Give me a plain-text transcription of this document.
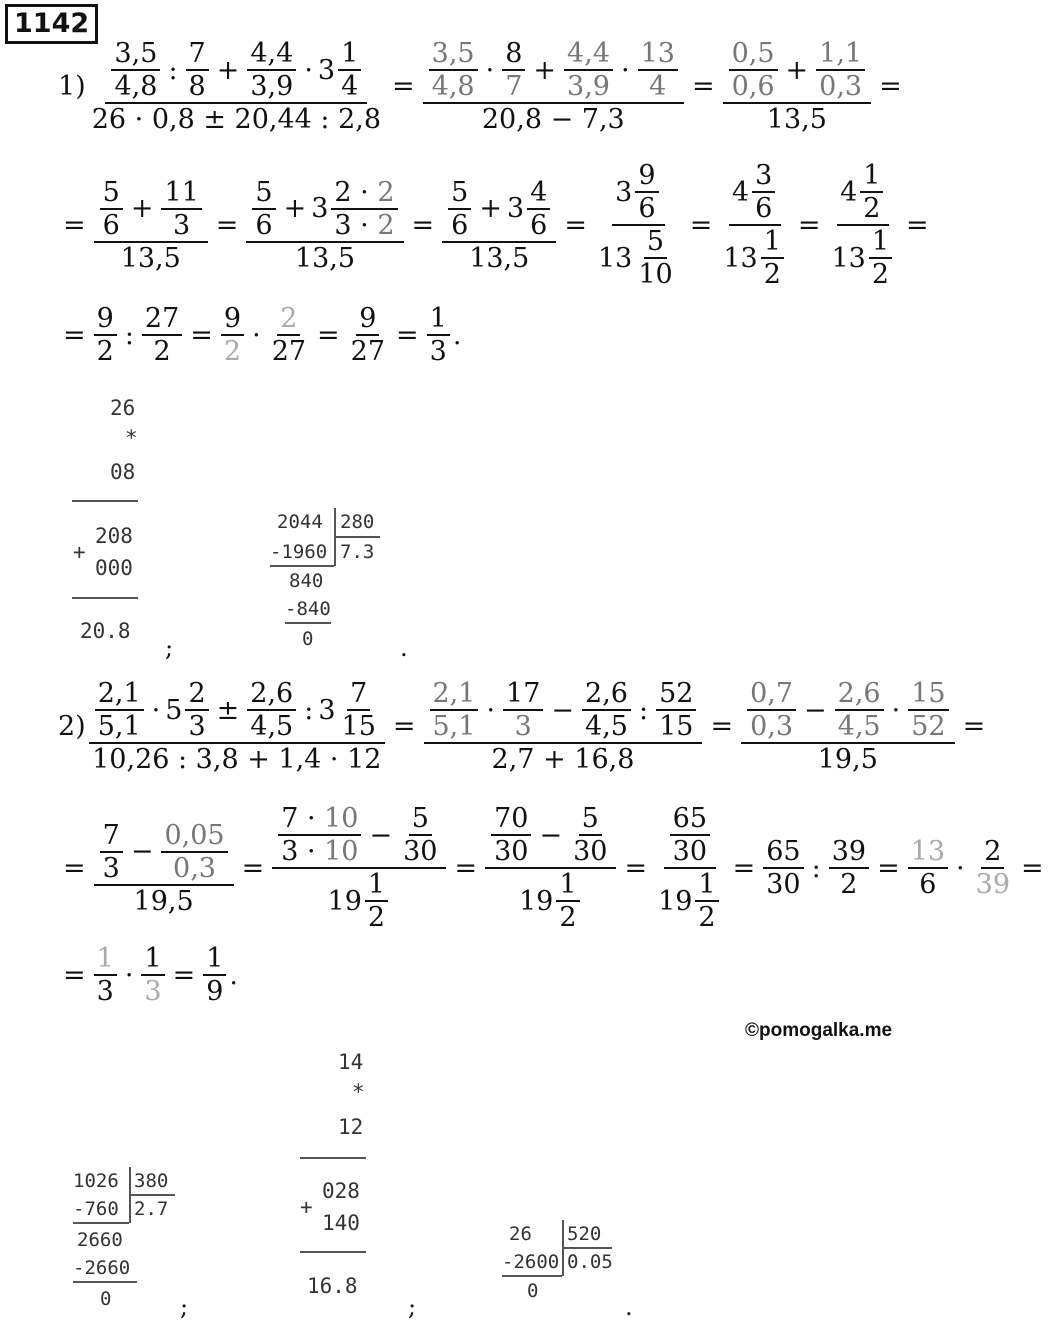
1142
$1) \frac{3,5}{4,8}$ : $\frac{7}{8} + \frac{4,4}{3,9} \cdot 3 \frac{1}{4}$
26 · 0,8 ± 20,44 : 2,8
= $\frac{3,5}{4,8} \cdot \frac{8}{7} + \frac{4,4}{3,9} \cdot \frac{13}{4}$
20,8 − 7,3
= $\frac{\frac{0,5}{0,6} + \frac{1,1}{0,3}}{13,5}$ =
= $\frac{\frac{5}{6} + \frac{11}{3}}{13,5} = \frac{\frac{5}{6} + 3 \frac{2 \cdot 2}{3 \cdot 2}}{13,5} = \frac{\frac{5}{6} + 3 \frac{4}{6}}{13,5} = \frac{3 \frac{9}{6}}{13 \frac{5}{10}} = \frac{4 \frac{3}{6}}{13 \frac{1}{2}} = \frac{4 \frac{1}{2}}{13 \frac{1}{2}}$ =
= $\frac{9}{2}$ : $\frac{27}{2} = \frac{9}{2} \cdot \frac{2}{27} = \frac{9}{27} = \frac{1}{3}$ .
26
*
08
208
+
000
20.8
;
2044 280
-1960 7.3
840
-840
0	.
$2) \frac{2,1}{5,1} \cdot 5 \frac{2}{3} \pm \frac{2,6}{4,5}$ : $3 \frac{7}{15}$
10,26 : 3,8 + 1,4 · 12
= $\frac{2,1}{5,1} \cdot \frac{17}{3} - \frac{2,6}{4,5}$ : $\frac{52}{15}$
2,7 + 16,8
= $\frac{\frac{0,7}{0,3} - \frac{2,6}{4,5} \cdot \frac{15}{52}}{19,5}$ =
= $\frac{\frac{7}{3} - \frac{0,05}{0,3}}{19,5} = \frac{\frac{7 \cdot 10}{3 \cdot 10} - \frac{5}{30}}{19 \frac{1}{2}} = \frac{\frac{70}{30} - \frac{5}{30}}{19 \frac{1}{2}} = \frac{\frac{65}{30}}{19 \frac{1}{2}} = \frac{65}{30}$ : $\frac{39}{2} = \frac{13}{6} \cdot \frac{2}{39}$ =
= $\frac{1}{3} \cdot \frac{1}{3} = \frac{1}{9}$ .
©pomogalka.me
1026 380
-760 2.7
2660
-2660
0	;
14
*
12
028
+
140
16.8
;
26 520
-2600 0.05
0
.
